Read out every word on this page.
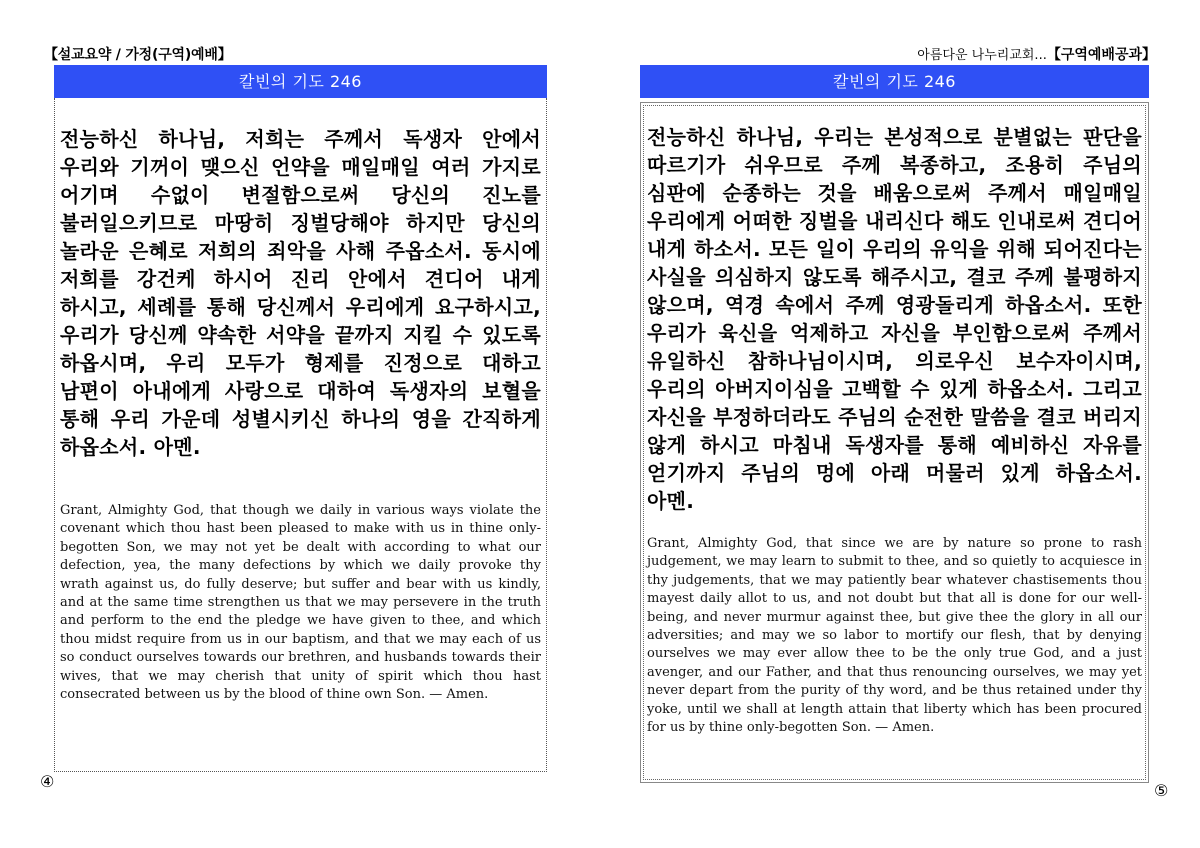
【설교요약 / 가정(구역)예배】	아름다운 나누리교회...【구역예배공과】
칼빈의 기도 246
전능하신 하나님, 저희는 주께서 독생자 안에서 우리와 기꺼이 맺으신 언약을 매일매일 여러 가지로 어기며 수없이 변절함으로써 당신의 진노를 불러일으키므로 마땅히 징벌당해야 하지만 당신의 놀라운 은혜로 저희의 죄악을 사해 주옵소서. 동시에 저희를 강건케 하시어 진리 안에서 견디어 내게 하시고, 세례를 통해 당신께서 우리에게 요구하시고, 우리가 당신께 약속한 서약을 끝까지 지킬 수 있도록 하옵시며, 우리 모두가 형제를 진정으로 대하고 남편이 아내에게 사랑으로 대하여 독생자의 보혈을 통해 우리 가운데 성별시키신 하나의 영을 간직하게 하옵소서. 아멘.
Grant, Almighty God, that though we daily in various ways violate the covenant which thou hast been pleased to make with us in thine only-begotten Son, we may not yet be dealt with according to what our defection, yea, the many defections by which we daily provoke thy wrath against us, do fully deserve; but suffer and bear with us kindly, and at the same time strengthen us that we may persevere in the truth and perform to the end the pledge we have given to thee, and which thou midst require from us in our baptism, and that we may each of us so conduct ourselves towards our brethren, and husbands towards their wives, that we may cherish that unity of spirit which thou hast consecrated between us by the blood of thine own Son. — Amen.
④
칼빈의 기도 246
전능하신 하나님, 우리는 본성적으로 분별없는 판단을 따르기가 쉬우므로 주께 복종하고, 조용히 주님의 심판에 순종하는 것을 배움으로써 주께서 매일매일 우리에게 어떠한 징벌을 내리신다 해도 인내로써 견디어 내게 하소서. 모든 일이 우리의 유익을 위해 되어진다는 사실을 의심하지 않도록 해주시고, 결코 주께 불평하지 않으며, 역경 속에서 주께 영광돌리게 하옵소서. 또한 우리가 육신을 억제하고 자신을 부인함으로써 주께서 유일하신 참하나님이시며, 의로우신 보수자이시며, 우리의 아버지이심을 고백할 수 있게 하옵소서. 그리고 자신을 부정하더라도 주님의 순전한 말씀을 결코 버리지 않게 하시고 마침내 독생자를 통해 예비하신 자유를 얻기까지 주님의 멍에 아래 머물러 있게 하옵소서. 아멘.
Grant, Almighty God, that since we are by nature so prone to rash judgement, we may learn to submit to thee, and so quietly to acquiesce in thy judgements, that we may patiently bear whatever chastisements thou mayest daily allot to us, and not doubt but that all is done for our well-being, and never murmur against thee, but give thee the glory in all our adversities; and may we so labor to mortify our flesh, that by denying ourselves we may ever allow thee to be the only true God, and a just avenger, and our Father, and that thus renouncing ourselves, we may yet never depart from the purity of thy word, and be thus retained under thy yoke, until we shall at length attain that liberty which has been procured for us by thine only-begotten Son. — Amen.
⑤
